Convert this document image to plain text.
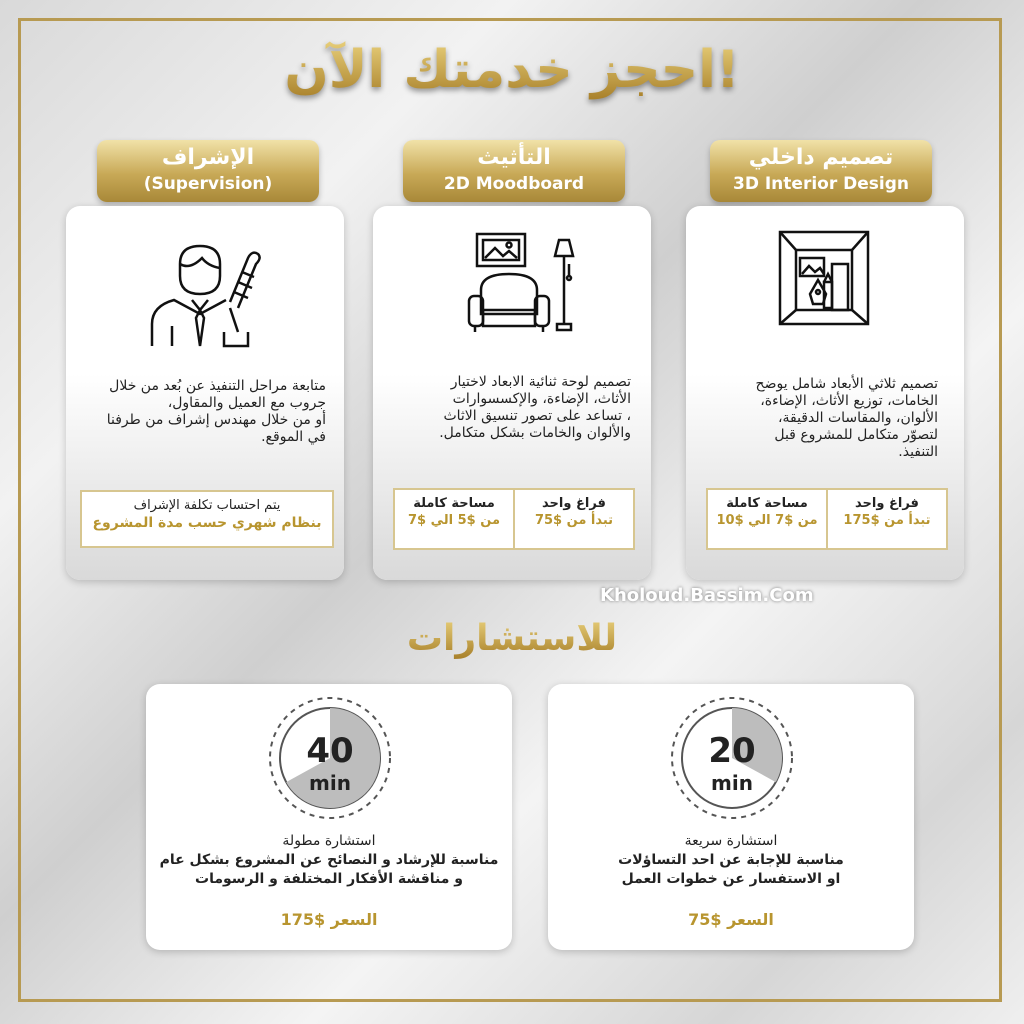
احجز خدمتك الآن!
تصميم داخلي
3D Interior Design
التأثيث
2D Moodboard
الإشراف
(Supervision)
تصميم ثلاثي الأبعاد شامل يوضح
الخامات، توزيع الأثاث، الإضاءة،
الألوان، والمقاسات الدقيقة،
لتصوّر متكامل للمشروع قبل
التنفيذ.
فراغ واحد
تبدأ من $175
مساحة كاملة
من $7 الي $10
تصميم لوحة ثنائية الابعاد لاختيار
الأثاث، الإضاءة، والإكسسوارات
، تساعد على تصور تنسيق الاثاث
والألوان والخامات بشكل متكامل.
فراغ واحد
تبدأ من $75
مساحة كاملة
من $5 الي $7
متابعة مراحل التنفيذ عن بُعد من خلال
جروب مع العميل والمقاول،
أو من خلال مهندس إشراف من طرفنا
في الموقع.
يتم احتساب تكلفة الإشراف
بنظام شهري حسب مدة المشروع
Kholoud.Bassim.Com
للاستشارات
20
min
استشارة سريعة
مناسبة للإجابة عن احد التساؤلات
او الاستفسار عن خطوات العمل
السعر $75
40
min
استشارة مطولة
مناسبة للإرشاد و النصائح عن المشروع بشكل عام
و مناقشة الأفكار المختلفة و الرسومات
السعر $175
